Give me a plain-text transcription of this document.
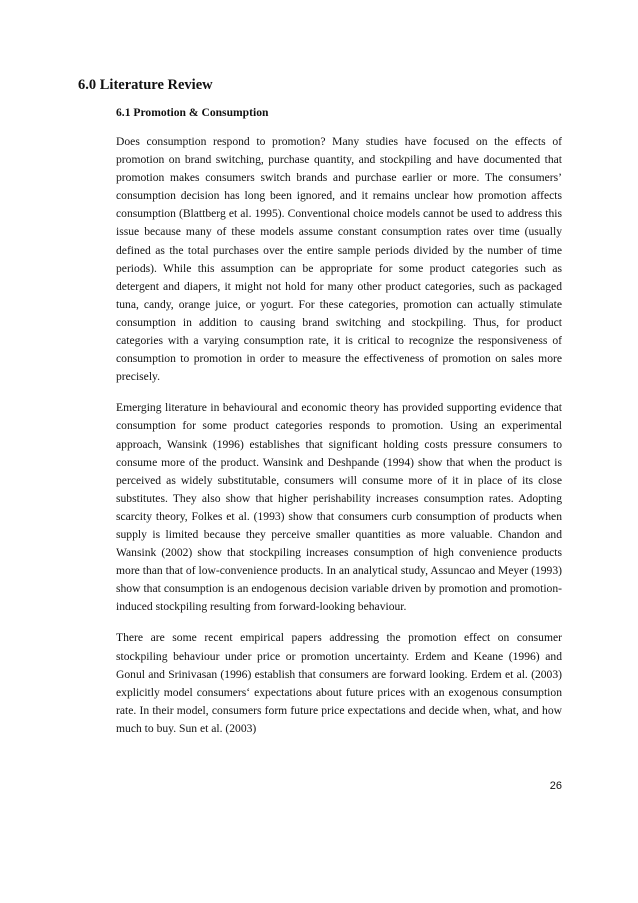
6.0 Literature Review
6.1 Promotion & Consumption

Does consumption respond to promotion? Many studies have focused on the effects of promotion on brand switching, purchase quantity, and stockpiling and have documented that promotion makes consumers switch brands and purchase earlier or more. The consumers’ consumption decision has long been ignored, and it remains unclear how promotion affects consumption (Blattberg et al. 1995). Conventional choice models cannot be used to address this issue because many of these models assume constant consumption rates over time (usually defined as the total purchases over the entire sample periods divided by the number of time periods). While this assumption can be appropriate for some product categories such as detergent and diapers, it might not hold for many other product categories, such as packaged tuna, candy, orange juice, or yogurt. For these categories, promotion can actually stimulate consumption in addition to causing brand switching and stockpiling. Thus, for product categories with a varying consumption rate, it is critical to recognize the responsiveness of consumption to promotion in order to measure the effectiveness of promotion on sales more precisely.

Emerging literature in behavioural and economic theory has provided supporting evidence that consumption for some product categories responds to promotion. Using an experimental approach, Wansink (1996) establishes that significant holding costs pressure consumers to consume more of the product. Wansink and Deshpande (1994) show that when the product is perceived as widely substitutable, consumers will consume more of it in place of its close substitutes. They also show that higher perishability increases consumption rates. Adopting scarcity theory, Folkes et al. (1993) show that consumers curb consumption of products when supply is limited because they perceive smaller quantities as more valuable. Chandon and Wansink (2002) show that stockpiling increases consumption of high convenience products more than that of low-convenience products. In an analytical study, Assuncao and Meyer (1993) show that consumption is an endogenous decision variable driven by promotion and promotion-induced stockpiling resulting from forward-looking behaviour.

There are some recent empirical papers addressing the promotion effect on consumer stockpiling behaviour under price or promotion uncertainty. Erdem and Keane (1996) and Gonul and Srinivasan (1996) establish that consumers are forward looking. Erdem et al. (2003) explicitly model consumers‘ expectations about future prices with an exogenous consumption rate. In their model, consumers form future price expectations and decide when, what, and how much to buy. Sun et al. (2003)

26
